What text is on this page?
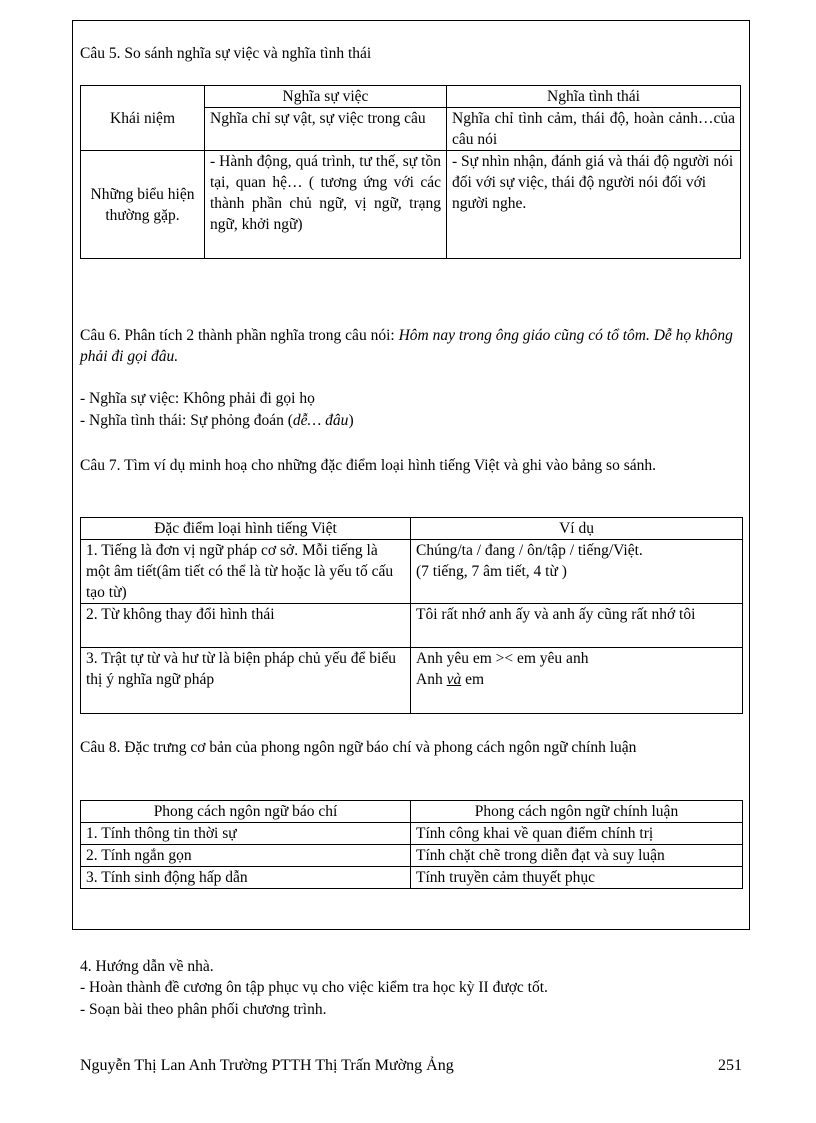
Câu 5. So sánh nghĩa sự việc và nghĩa tình thái
Khái niệm	Nghĩa sự việc	Nghĩa tình thái
	Nghĩa chỉ sự vật, sự việc trong câu	Nghĩa chỉ tình cảm, thái độ, hoàn cảnh…của câu nói
Những biểu hiện thường gặp.	- Hành động, quá trình, tư thế, sự tồn tại, quan hệ… ( tương ứng với các thành phần chủ ngữ, vị ngữ, trạng ngữ, khởi ngữ)	- Sự nhìn nhận, đánh giá và thái độ người nói đối với sự việc, thái độ người nói đối với người nghe.
Câu 6. Phân tích 2 thành phần nghĩa trong câu nói: Hôm nay trong ông giáo cũng có tổ tôm. Dễ họ không phải đi gọi đâu.
- Nghĩa sự việc: Không phải đi gọi họ
- Nghĩa tình thái: Sự phỏng đoán (dễ… đâu)
Câu 7. Tìm ví dụ minh hoạ cho những đặc điểm loại hình tiếng Việt và ghi vào bảng so sánh.
Đặc điểm loại hình tiếng Việt	Ví dụ
1. Tiếng là đơn vị ngữ pháp cơ sở. Mỗi tiếng là một âm tiết(âm tiết có thể là từ hoặc là yếu tố cấu tạo từ)	Chúng/ta / đang / ôn/tập / tiếng/Việt.
(7 tiếng, 7 âm tiết, 4 từ )

2. Từ không thay đổi hình thái	Tôi rất nhớ anh ấy và anh ấy cũng rất nhớ tôi
3. Trật tự từ và hư từ là biện pháp chủ yếu để biểu thị ý nghĩa ngữ pháp	Anh yêu em >< em yêu anh
Anh và em
Câu 8. Đặc trưng cơ bản của phong ngôn ngữ báo chí và phong cách ngôn ngữ chính luận
Phong cách ngôn ngữ báo chí	Phong cách ngôn ngữ chính luận
1. Tính thông tin thời sự	Tính công khai về quan điểm chính trị
2. Tính ngắn gọn	Tính chặt chẽ trong diễn đạt và suy luận
3. Tính sinh động hấp dẫn	Tính truyền cảm thuyết phục
4. Hướng dẫn về nhà.
- Hoàn thành đề cương ôn tập phục vụ cho việc kiểm tra học kỳ II được tốt.
- Soạn bài theo phân phối chương trình.
Nguyễn Thị Lan Anh Trường PTTH Thị Trấn Mường Ảng	251
